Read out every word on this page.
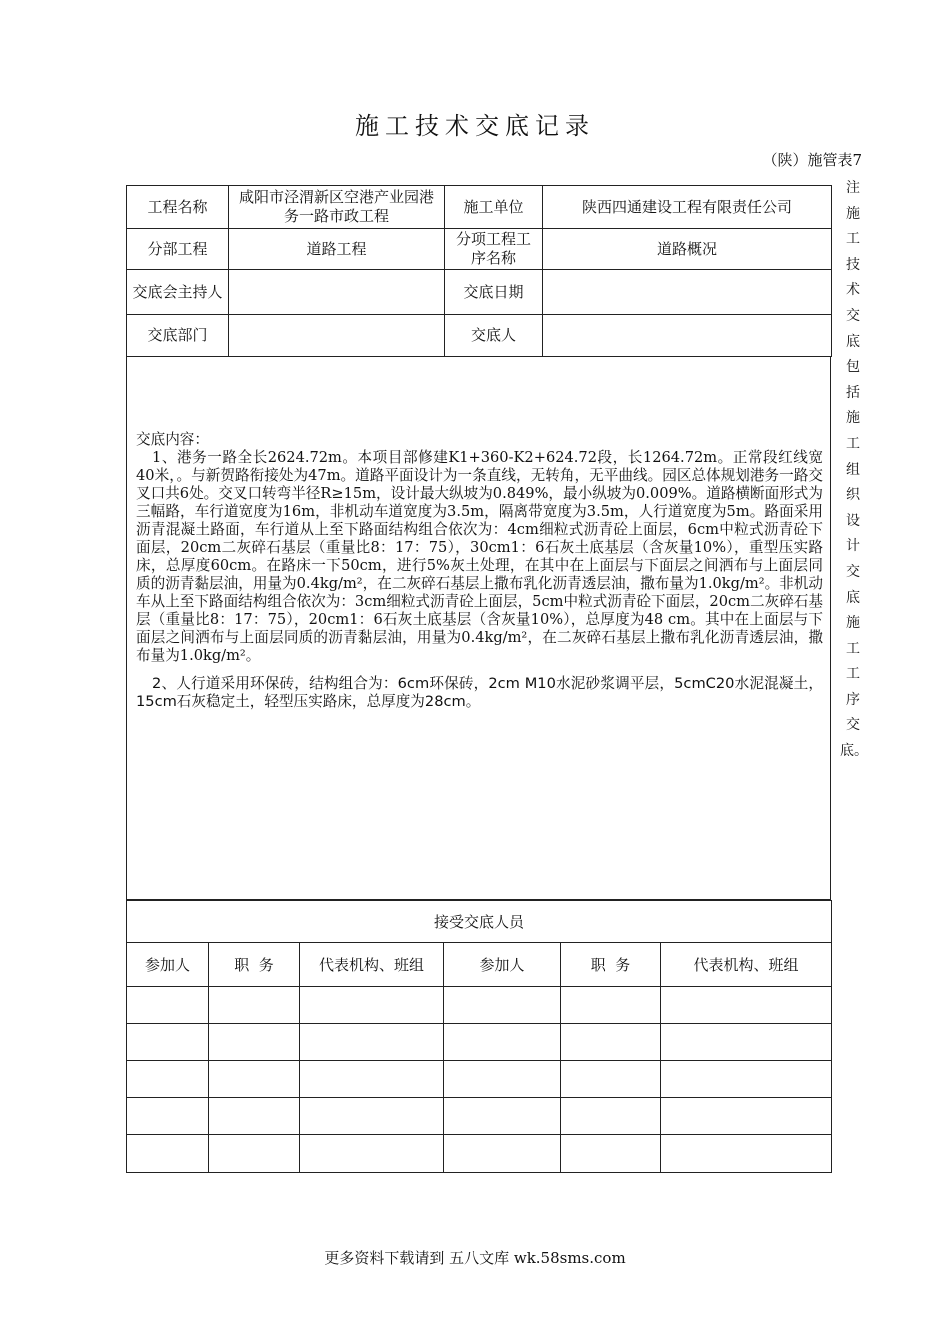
施工技术交底记录
（陕）施管表7
注施工技术交底包括施工组织设计交底施工工序交底。
工程名称	咸阳市泾渭新区空港产业园港务一路市政工程	施工单位	陕西四通建设工程有限责任公司
分部工程	道路工程	分项工程工序名称	道路概况
交底会主持人		交底日期	
交底部门		交底人	

交底内容：

1、港务一路全长2624.72m。本项目部修建K1+360-K2+624.72段，长1264.72m。正常段红线宽40米，。与新贺路衔接处为47m。道路平面设计为一条直线，无转角，无平曲线。园区总体规划港务一路交叉口共6处。交叉口转弯半径R≥15m，设计最大纵坡为0.849%，最小纵坡为0.009%。道路横断面形式为三幅路，车行道宽度为16m，非机动车道宽度为3.5m，隔离带宽度为3.5m，人行道宽度为5m。路面采用沥青混凝土路面，车行道从上至下路面结构组合依次为：4cm细粒式沥青砼上面层，6cm中粒式沥青砼下面层，20cm二灰碎石基层（重量比8：17：75），30cm1：6石灰土底基层（含灰量10%），重型压实路床，总厚度60cm。在路床一下50cm，进行5%灰土处理，在其中在上面层与下面层之间洒布与上面层同质的沥青黏层油，用量为0.4kg/m²，在二灰碎石基层上撒布乳化沥青透层油，撒布量为1.0kg/m²。非机动车从上至下路面结构组合依次为：3cm细粒式沥青砼上面层，5cm中粒式沥青砼下面层，20cm二灰碎石基层（重量比8：17：75），20cm1：6石灰土底基层（含灰量10%），总厚度为48 cm。其中在上面层与下面层之间洒布与上面层同质的沥青黏层油，用量为0.4kg/m²，在二灰碎石基层上撒布乳化沥青透层油，撒布量为1.0kg/m²。

2、人行道采用环保砖，结构组合为：6cm环保砖，2cm M10水泥砂浆调平层，5cmC20水泥混凝土，15cm石灰稳定土，轻型压实路床，总厚度为28cm。

接受交底人员					
参加人	职  务	代表机构、班组	参加人	职  务	代表机构、班组

更多资料下载请到 五八文库 wk.58sms.com
